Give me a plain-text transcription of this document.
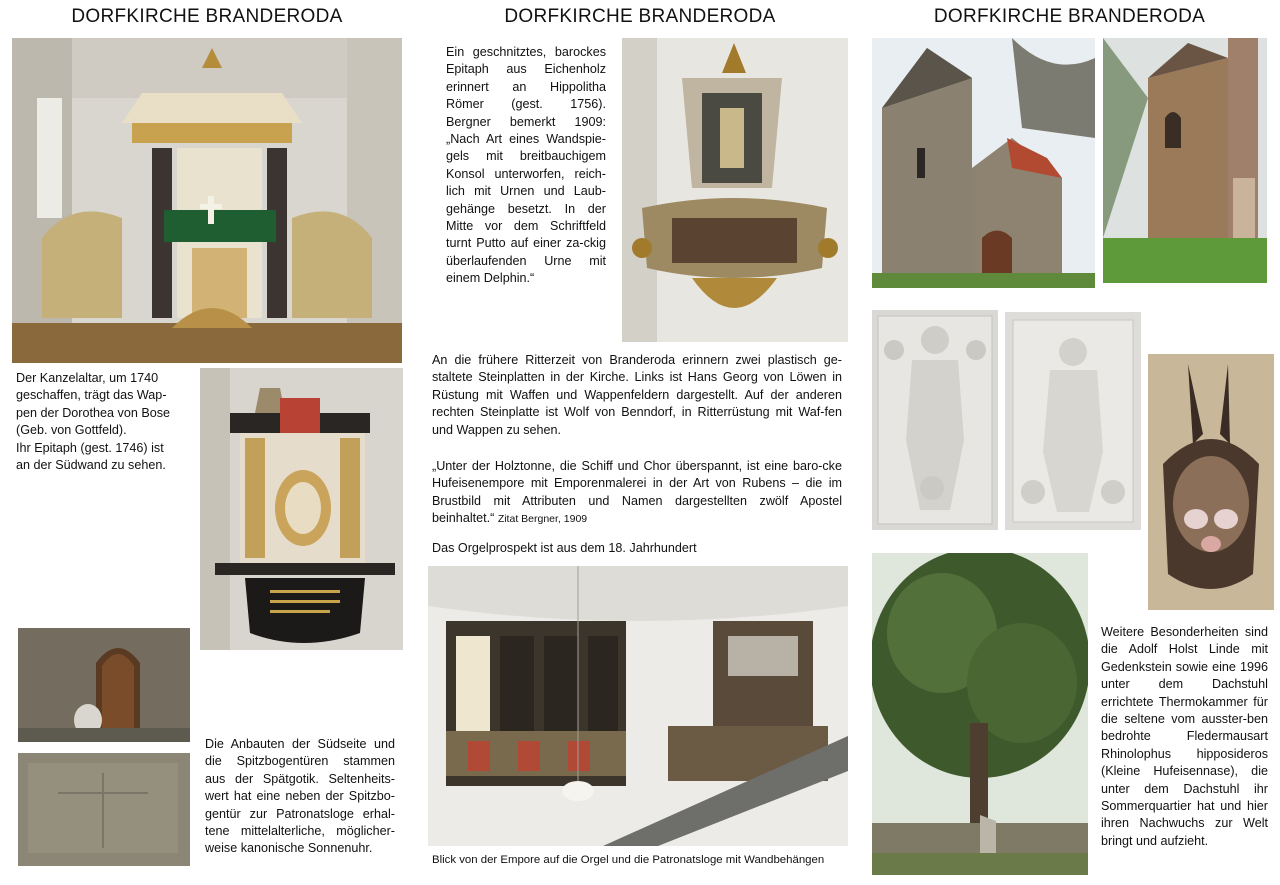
DORFKIRCHE BRANDERODA	DORFKIRCHE BRANDERODA	DORFKIRCHE BRANDERODA
Der Kanzelaltar, um 1740
geschaffen, trägt das Wap-
pen der Dorothea von Bose
(Geb. von Gottfeld).
Ihr Epitaph (gest. 1746) ist
an der Südwand zu sehen.
Die Anbauten der Südseite und die Spitzbogentüren stammen aus der Spätgotik. Seltenheits-wert hat eine neben der Spitzbo-gentür zur Patronatsloge erhal-tene mittelalterliche, möglicher-weise kanonische Sonnenuhr.
Ein geschnitztes, barockes Epitaph aus Eichenholz erinnert an Hippolitha Römer (gest. 1756). Bergner bemerkt 1909: „Nach Art eines Wandspie-gels mit breitbauchigem Konsol unterworfen, reich-lich mit Urnen und Laub-gehänge besetzt. In der Mitte vor dem Schriftfeld turnt Putto auf einer za-ckig überlaufenden Urne mit einem Delphin.“
An die frühere Ritterzeit von Branderoda erinnern zwei plastisch ge-staltete Steinplatten in der Kirche. Links ist Hans Georg von Löwen in Rüstung mit Waffen und Wappenfeldern dargestellt. Auf der anderen rechten Steinplatte ist Wolf von Benndorf, in Ritterrüstung mit Waf-fen und Wappen zu sehen.
„Unter der Holztonne, die Schiff und Chor überspannt, ist eine baro-cke Hufeisenempore mit Emporenmalerei in der Art von Rubens – die im Brustbild mit Attributen und Namen dargestellten zwölf Apostel beinhaltet.“ Zitat Bergner, 1909
Das Orgelprospekt ist aus dem 18. Jahrhundert
Blick von der Empore auf die Orgel und die Patronatsloge mit Wandbehängen
Weitere Besonderheiten sind die Adolf Holst Linde mit Gedenkstein sowie eine 1996 unter dem Dachstuhl errichtete Thermokammer für die seltene vom ausster-ben bedrohte Fledermausart Rhinolophus hipposideros (Kleine Hufeisennase), die unter dem Dachstuhl ihr Sommerquartier hat und hier ihren Nachwuchs zur Welt bringt und aufzieht.
